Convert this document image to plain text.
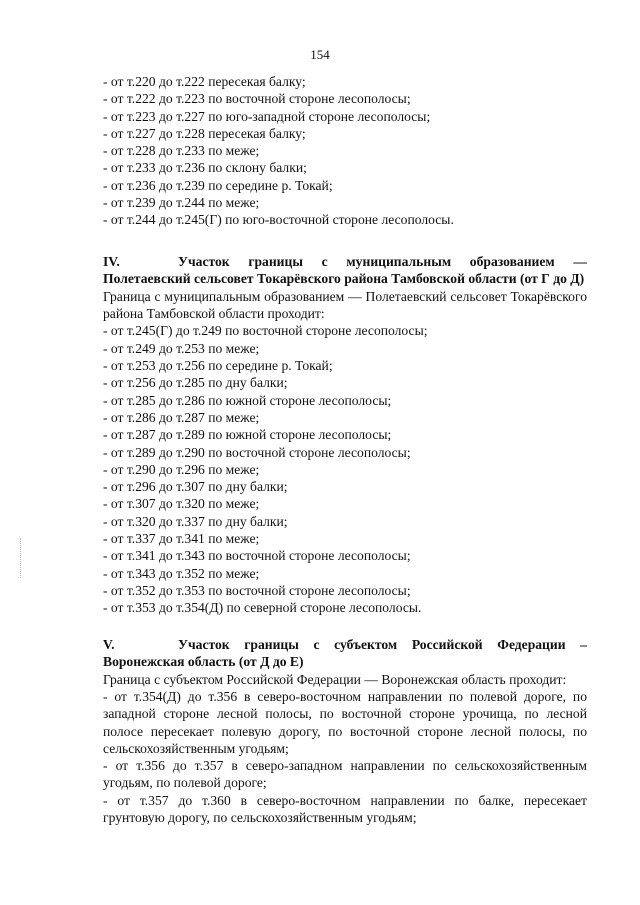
154
- от т.220 до т.222 пересекая балку;
- от т.222 до т.223 по восточной стороне лесополосы;
- от т.223 до т.227 по юго-западной стороне лесополосы;
- от т.227 до т.228 пересекая балку;
- от т.228 до т.233 по меже;
- от т.233 до т.236 по склону балки;
- от т.236 до т.239 по середине р. Токай;
- от т.239 до т.244 по меже;
- от т.244 до т.245(Г) по юго-восточной стороне лесополосы.
IV.	Участок границы с муниципальным образованием — Полетаевский сельсовет Токарёвского района Тамбовской области (от Г до Д)
Граница с муниципальным образованием — Полетаевский сельсовет Токарёвского района Тамбовской области проходит:
- от т.245(Г) до т.249 по восточной стороне лесополосы;
- от т.249 до т.253 по меже;
- от т.253 до т.256 по середине р. Токай;
- от т.256 до т.285 по дну балки;
- от т.285 до т.286 по южной стороне лесополосы;
- от т.286 до т.287 по меже;
- от т.287 до т.289 по южной стороне лесополосы;
- от т.289 до т.290 по восточной стороне лесополосы;
- от т.290 до т.296 по меже;
- от т.296 до т.307 по дну балки;
- от т.307 до т.320 по меже;
- от т.320 до т.337 по дну балки;
- от т.337 до т.341 по меже;
- от т.341 до т.343 по восточной стороне лесополосы;
- от т.343 до т.352 по меже;
- от т.352 до т.353 по восточной стороне лесополосы;
- от т.353 до т.354(Д) по северной стороне лесополосы.
V.	Участок границы с субъектом Российской Федерации – Воронежская область (от Д до Е)
Граница с субъектом Российской Федерации — Воронежская область проходит:
- от т.354(Д) до т.356 в северо-восточном направлении по полевой дороге, по западной стороне лесной полосы, по восточной стороне урочища, по лесной полосе пересекает полевую дорогу, по восточной стороне лесной полосы, по сельскохозяйственным угодьям;
- от т.356 до т.357 в северо-западном направлении по сельскохозяйственным угодьям, по полевой дороге;
- от т.357 до т.360 в северо-восточном направлении по балке, пересекает грунтовую дорогу, по сельскохозяйственным угодьям;
